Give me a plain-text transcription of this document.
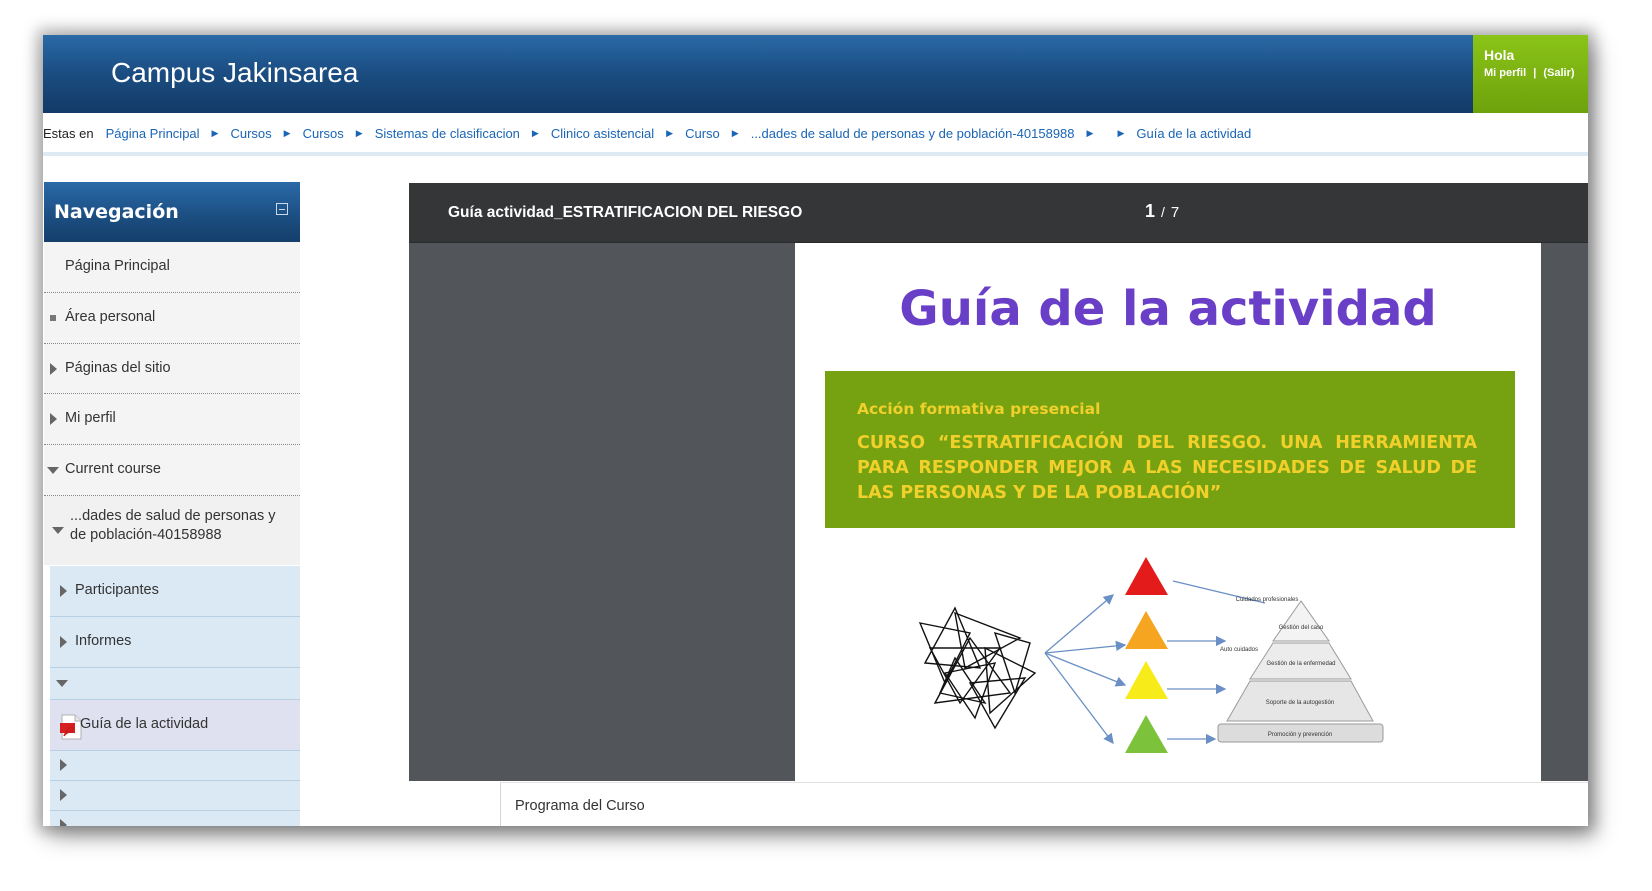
Campus Jakinsarea
Hola
Mi perfil | (Salir)
Estas en Página Principal ▶ Cursos ▶ Cursos ▶ Sistemas de clasificacion ▶ Clinico asistencial ▶ Curso ▶ ...dades de salud de personas y de población-40158988 ▶	▶ Guía de la actividad
Navegación
Página Principal
Área personal
Páginas del sitio
Mi perfil
Current course
...dades de salud de personas y de población-40158988
Participantes
Informes
Guía de la actividad
Guía actividad_ESTRATIFICACION DEL RIESGO	1 / 7
Guía de la actividad
Acción formativa presencial
CURSO “ESTRATIFICACIÓN DEL RIESGO. UNA HERRAMIENTA PARA RESPONDER MEJOR A LAS NECESIDADES DE SALUD DE LAS PERSONAS Y DE LA POBLACIÓN”
Cuidados profesionales
Gestión del caso
Auto cuidados
Gestión de la enfermedad
Soporte de la autogestión
Promoción y prevención
Programa del Curso
